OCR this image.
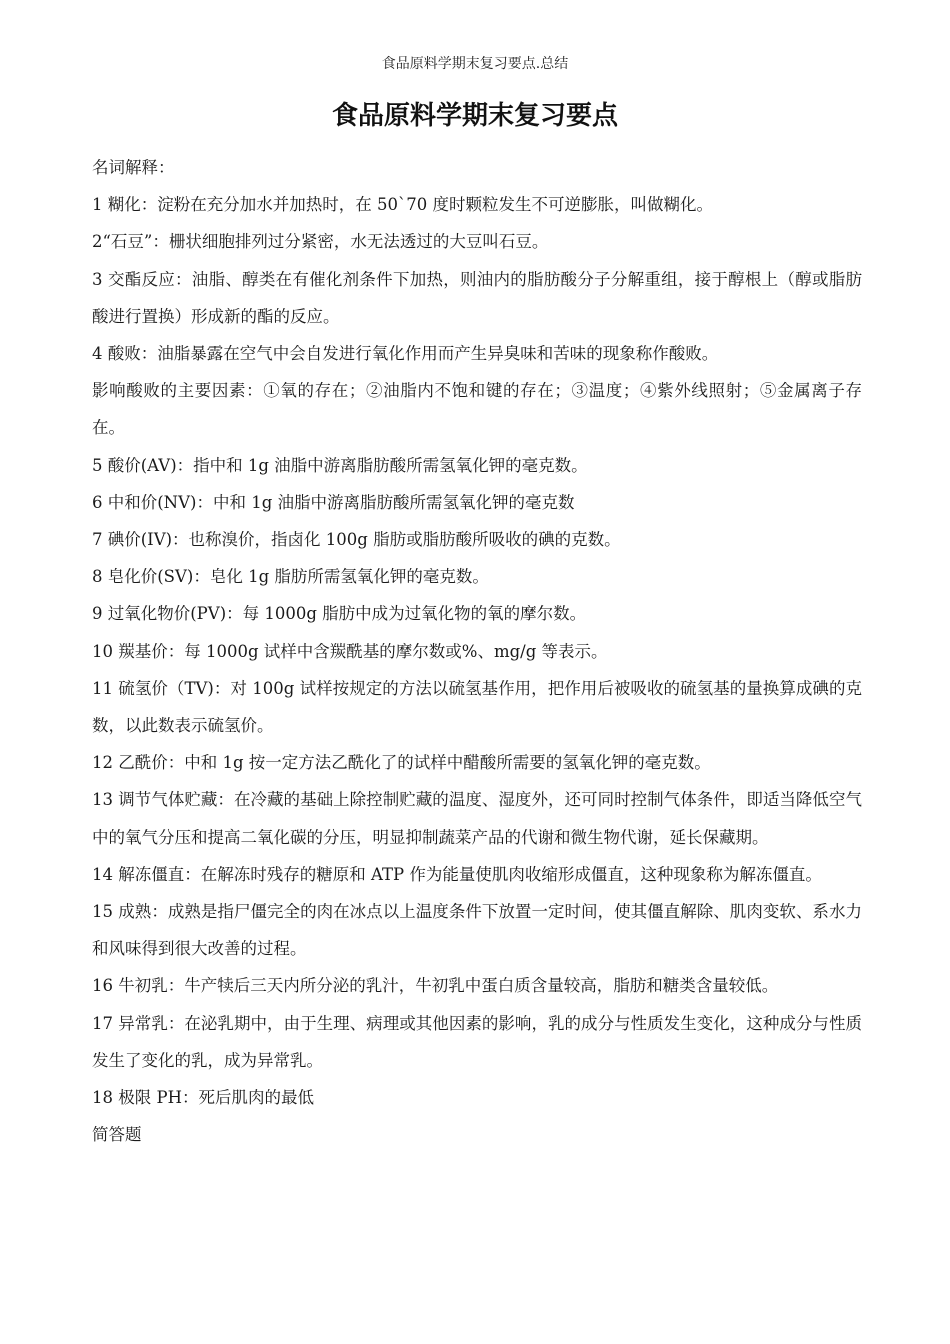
食品原料学期末复习要点.总结
食品原料学期末复习要点

名词解释：

1 糊化：淀粉在充分加水并加热时，在 50`70 度时颗粒发生不可逆膨胀，叫做糊化。

2“石豆”：栅状细胞排列过分紧密，水无法透过的大豆叫石豆。

3 交酯反应：油脂、醇类在有催化剂条件下加热，则油内的脂肪酸分子分解重组，接于醇根上（醇或脂肪酸进行置换）形成新的酯的反应。

4 酸败：油脂暴露在空气中会自发进行氧化作用而产生异臭味和苦味的现象称作酸败。

影响酸败的主要因素：①氧的存在；②油脂内不饱和键的存在；③温度；④紫外线照射；⑤金属离子存在。

5 酸价(AV)：指中和 1g 油脂中游离脂肪酸所需氢氧化钾的毫克数。

6 中和价(NV)：中和 1g 油脂中游离脂肪酸所需氢氧化钾的毫克数

7 碘价(IV)：也称溴价，指卤化 100g 脂肪或脂肪酸所吸收的碘的克数。

8 皂化价(SV)：皂化 1g 脂肪所需氢氧化钾的毫克数。

9 过氧化物价(PV)：每 1000g 脂肪中成为过氧化物的氧的摩尔数。

10 羰基价：每 1000g 试样中含羰酰基的摩尔数或%、mg/g 等表示。

11 硫氢价（TV)：对 100g 试样按规定的方法以硫氢基作用，把作用后被吸收的硫氢基的量换算成碘的克数，以此数表示硫氢价。

12 乙酰价：中和 1g 按一定方法乙酰化了的试样中醋酸所需要的氢氧化钾的毫克数。

13 调节气体贮藏：在冷藏的基础上除控制贮藏的温度、湿度外，还可同时控制气体条件，即适当降低空气中的氧气分压和提高二氧化碳的分压，明显抑制蔬菜产品的代谢和微生物代谢，延长保藏期。

14 解冻僵直：在解冻时残存的糖原和 ATP 作为能量使肌肉收缩形成僵直，这种现象称为解冻僵直。

15 成熟：成熟是指尸僵完全的肉在冰点以上温度条件下放置一定时间，使其僵直解除、肌肉变软、系水力和风味得到很大改善的过程。

16 牛初乳：牛产犊后三天内所分泌的乳汁，牛初乳中蛋白质含量较高，脂肪和糖类含量较低。

17 异常乳：在泌乳期中，由于生理、病理或其他因素的影响，乳的成分与性质发生变化，这种成分与性质发生了变化的乳，成为异常乳。

18 极限 PH：死后肌肉的最低

简答题
